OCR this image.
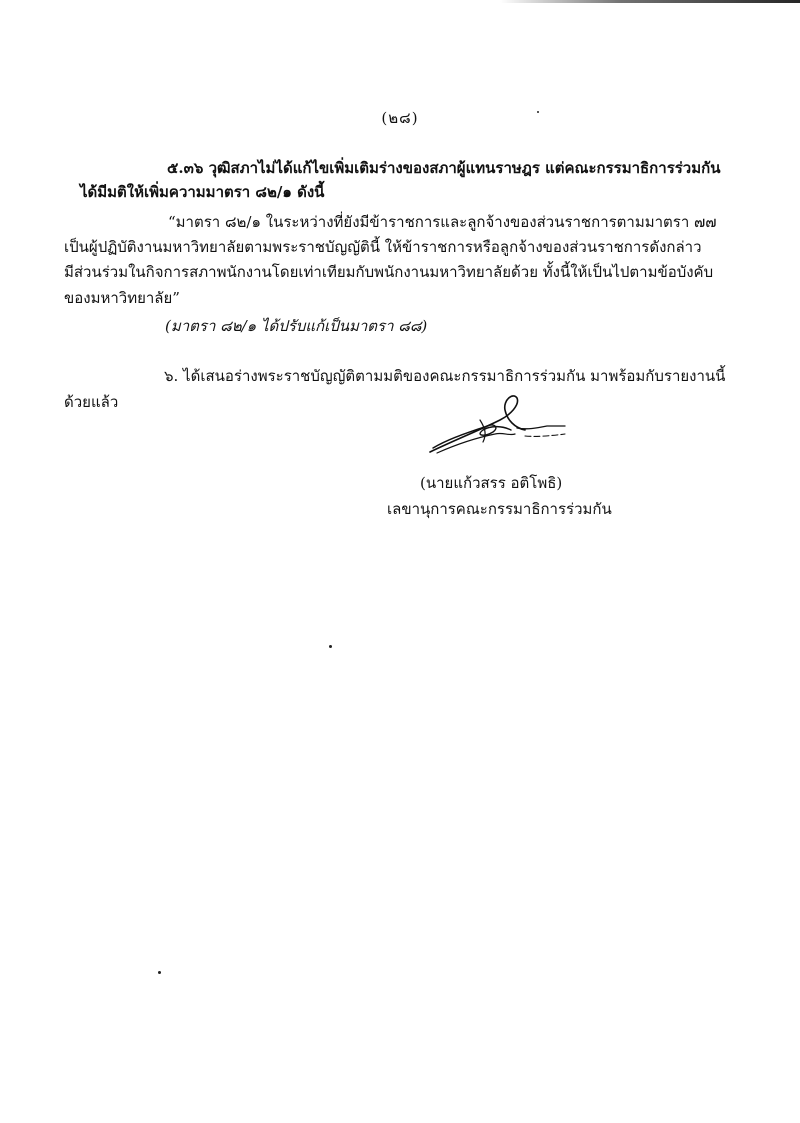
(๒๘)
๕.๓๖ วุฒิสภาไม่ได้แก้ไขเพิ่มเติมร่างของสภาผู้แทนราษฎร แต่คณะกรรมาธิการร่วมกัน
ได้มีมติให้เพิ่มความมาตรา ๘๒/๑ ดังนี้
“มาตรา ๘๒/๑ ในระหว่างที่ยังมีข้าราชการและลูกจ้างของส่วนราชการตามมาตรา ๗๗
เป็นผู้ปฏิบัติงานมหาวิทยาลัยตามพระราชบัญญัตินี้ ให้ข้าราชการหรือลูกจ้างของส่วนราชการดังกล่าว
มีส่วนร่วมในกิจการสภาพนักงานโดยเท่าเทียมกับพนักงานมหาวิทยาลัยด้วย ทั้งนี้ให้เป็นไปตามข้อบังคับ
ของมหาวิทยาลัย”
(มาตรา ๘๒/๑ ได้ปรับแก้เป็นมาตรา ๘๘)
๖. ได้เสนอร่างพระราชบัญญัติตามมติของคณะกรรมาธิการร่วมกัน มาพร้อมกับรายงานนี้
ด้วยแล้ว
(นายแก้วสรร อติโพธิ)
เลขานุการคณะกรรมาธิการร่วมกัน
